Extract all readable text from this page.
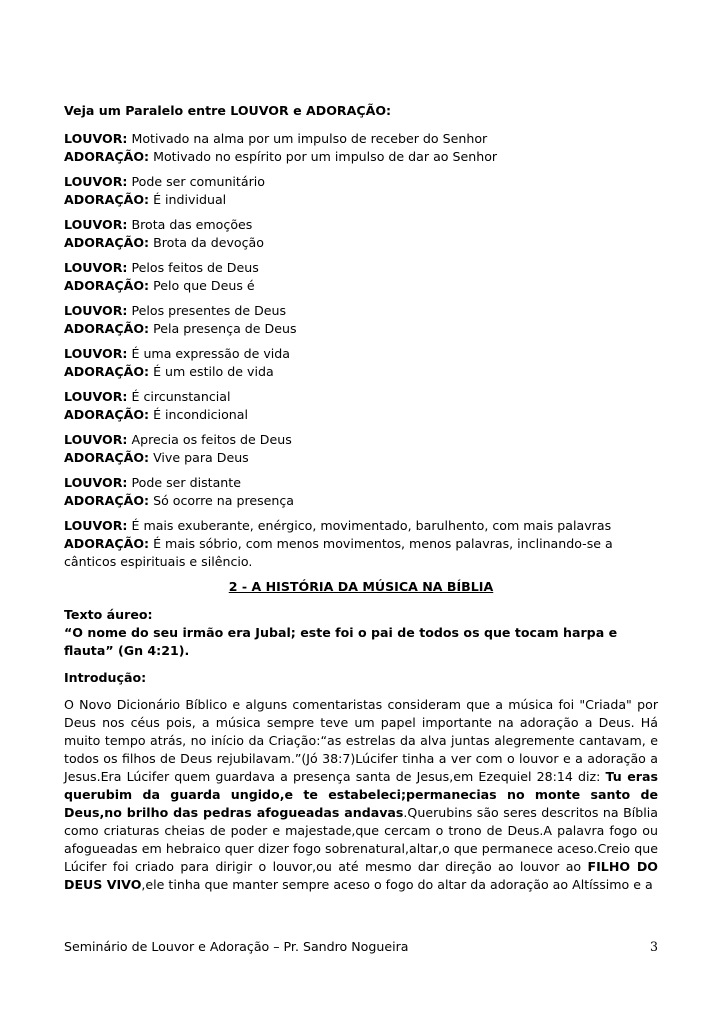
Veja um Paralelo entre LOUVOR e ADORAÇÃO:
LOUVOR: Motivado na alma por um impulso de receber do Senhor
ADORAÇÃO: Motivado no espírito por um impulso de dar ao Senhor
LOUVOR: Pode ser comunitário
ADORAÇÃO: É individual
LOUVOR: Brota das emoções
ADORAÇÃO: Brota da devoção
LOUVOR: Pelos feitos de Deus
ADORAÇÃO: Pelo que Deus é
LOUVOR: Pelos presentes de Deus
ADORAÇÃO: Pela presença de Deus
LOUVOR: É uma expressão de vida
ADORAÇÃO: É um estilo de vida
LOUVOR: É circunstancial
ADORAÇÃO: É incondicional
LOUVOR: Aprecia os feitos de Deus
ADORAÇÃO: Vive para Deus
LOUVOR: Pode ser distante
ADORAÇÃO: Só ocorre na presença
LOUVOR: É mais exuberante, enérgico, movimentado, barulhento, com mais palavras
ADORAÇÃO: É mais sóbrio, com menos movimentos, menos palavras, inclinando-se a cânticos espirituais e silêncio.
2 - A HISTÓRIA DA MÚSICA NA BÍBLIA
Texto áureo:
“O nome do seu irmão era Jubal; este foi o pai de todos os que tocam harpa e flauta” (Gn 4:21).
Introdução:
O Novo Dicionário Bíblico e alguns comentaristas consideram que a música foi "Criada" por Deus nos céus pois, a música sempre teve um papel importante na adoração a Deus. Há muito tempo atrás, no início da Criação:“as estrelas da alva juntas alegremente cantavam, e todos os filhos de Deus rejubilavam.”(Jó 38:7)Lúcifer tinha a ver com o louvor e a adoração a Jesus.Era Lúcifer quem guardava a presença santa de Jesus,em Ezequiel 28:14 diz: Tu eras querubim da guarda ungido,e te estabeleci;permanecias no monte santo de Deus,no brilho das pedras afogueadas andavas.Querubins são seres descritos na Bíblia como criaturas cheias de poder e majestade,que cercam o trono de Deus.A palavra fogo ou afogueadas em hebraico quer dizer fogo sobrenatural,altar,o que permanece aceso.Creio que Lúcifer foi criado para dirigir o louvor,ou até mesmo dar direção ao louvor ao FILHO DO DEUS VIVO,ele tinha que manter sempre aceso o fogo do altar da adoração ao Altíssimo e a
Seminário de Louvor e Adoração – Pr. Sandro Nogueira	3
